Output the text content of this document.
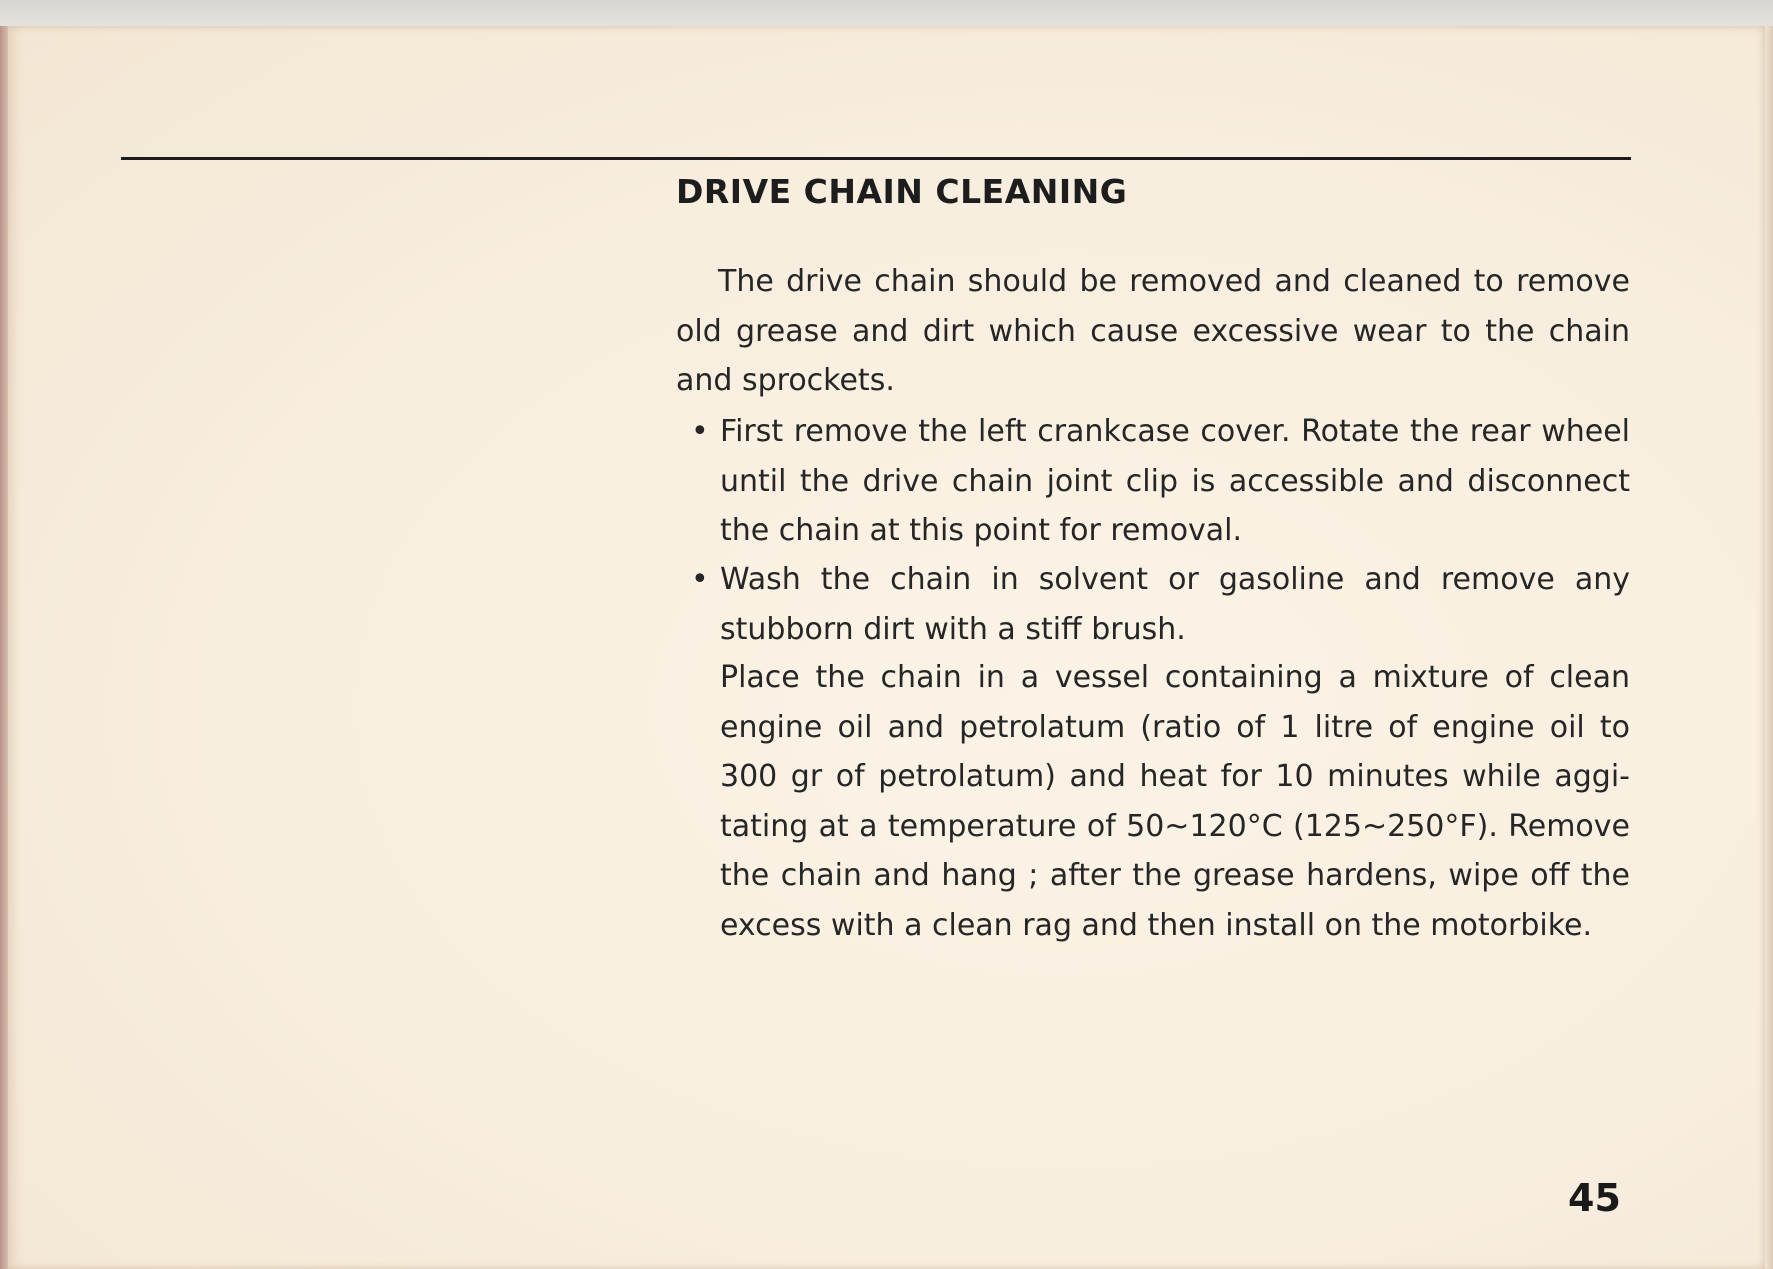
DRIVE CHAIN CLEANING
The drive chain should be removed and cleaned to remove old grease and dirt which cause excessive wear to the chain and sprockets.
• First remove the left crankcase cover. Rotate the rear wheel until the drive chain joint clip is accessible and disconnect the chain at this point for removal.
• Wash the chain in solvent or gasoline and remove any stubborn dirt with a stiff brush.
Place the chain in a vessel containing a mixture of clean engine oil and petrolatum (ratio of 1 litre of engine oil to 300 gr of petrolatum) and heat for 10 minutes while aggi-tating at a temperature of 50~120°C (125~250°F). Remove the chain and hang ; after the grease hardens, wipe off the excess with a clean rag and then install on the motorbike.
45
